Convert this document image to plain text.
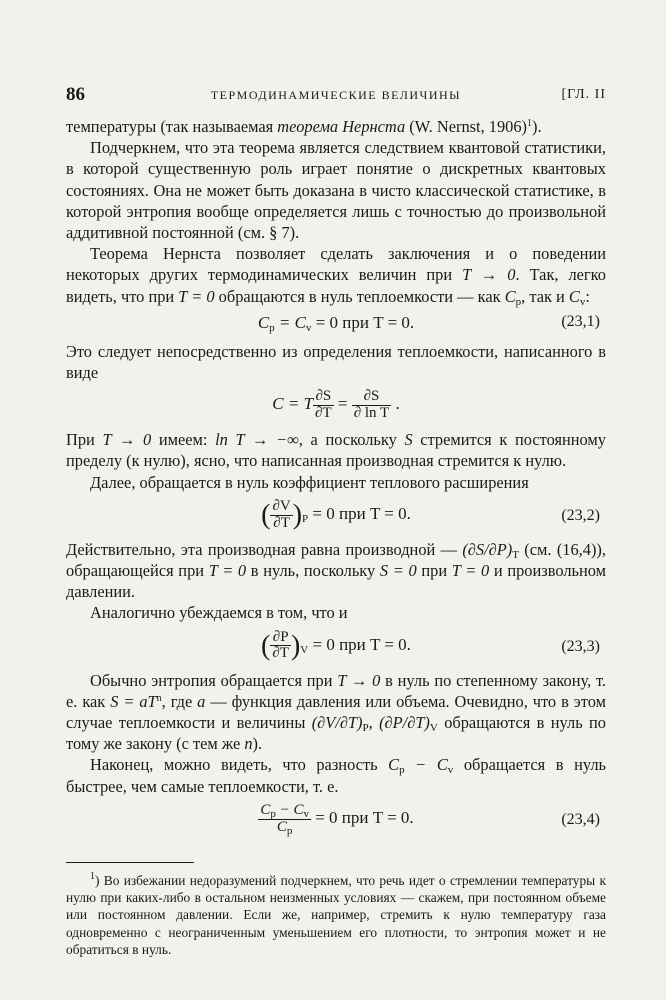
86	ТЕРМОДИНАМИЧЕСКИЕ ВЕЛИЧИНЫ	[ГЛ. II

температуры (так называемая теорема Нернста (W. Nernst, 1906)$^1$).

Подчеркнем, что эта теорема является следствием квантовой статистики, в которой существенную роль играет понятие о дискретных квантовых состояниях. Она не может быть доказана в чисто классической статистике, в которой энтропия вообще определяется лишь с точностью до произвольной аддитивной постоянной (см. § 7).

Теорема Нернста позволяет сделать заключения и о поведении некоторых других термодинамических величин при T → 0. Так, легко видеть, что при T = 0 обращаются в нуль теплоемкости — как $C_p$, так и $C_v$:

$C_p = C_v = 0$ при T = 0.	(23,1)

Это следует непосредственно из определения теплоемкости, написанного в виде

C = T $\frac{\partial S}{\partial T} = \frac{\partial S}{\text{∂ ln T}}$ .

При T → 0 имеем: ln T → −∞, а поскольку S стремится к постоянному пределу (к нулю), ясно, что написанная производная стремится к нулю.

Далее, обращается в нуль коэффициент теплового расширения

( $\frac{\partial V}{\partial T} )_P = 0$ при T = 0.	(23,2)

Действительно, эта производная равна производной — $(\partial S/\partial P)_T$ (см. (16,4)), обращающейся при T = 0 в нуль, поскольку S = 0 при T = 0 и произвольном давлении.

Аналогично убеждаемся в том, что и

( $\frac{\partial P}{\partial T} )_V = 0$ при T = 0.	(23,3)

Обычно энтропия обращается при T → 0 в нуль по степенному закону, т. е. как $S = aT^n$, где a — функция давления или объема. Очевидно, что в этом случае теплоемкости и величины $(\partial V/\partial T)_P$, $(\partial P/\partial T)_V$ обращаются в нуль по тому же закону (с тем же n).

Наконец, можно видеть, что разность $C_p - C_v$ обращается в нуль быстрее, чем самые теплоемкости, т. е.

$\frac{C_p - C_v}{C_p} = 0$ при T = 0.	(23,4)

$^1$) Во избежании недоразумений подчеркнем, что речь идет о стремлении температуры к нулю при каких-либо в остальном неизменных условиях — скажем, при постоянном объеме или постоянном давлении. Если же, например, стремить к нулю температуру газа одновременно с неограниченным уменьшением его плотности, то энтропия может и не обратиться в нуль.
